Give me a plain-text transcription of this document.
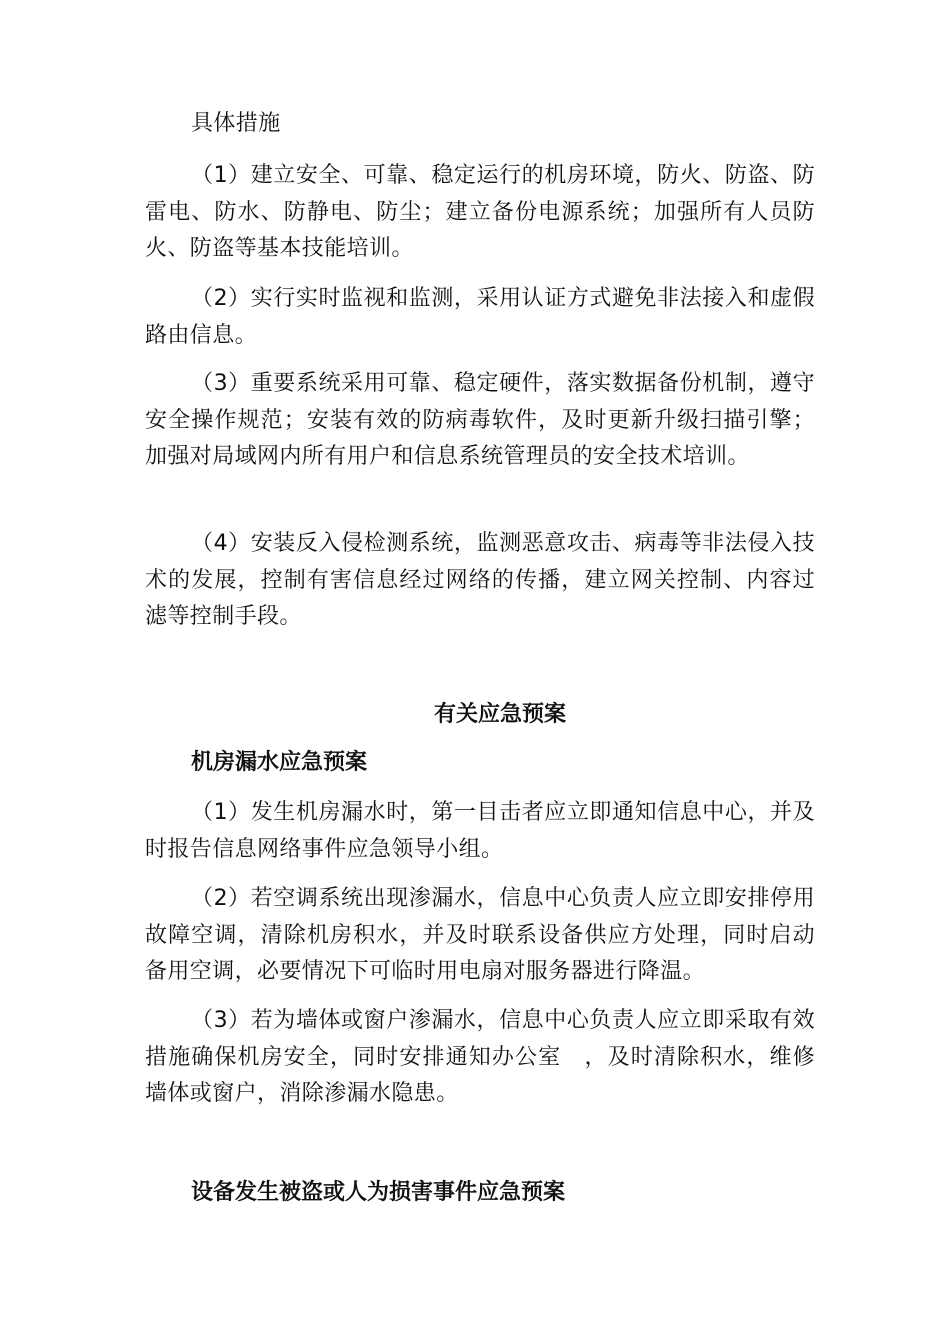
具体措施

（1）建立安全、可靠、稳定运行的机房环境，防火、防盗、防雷电、防水、防静电、防尘；建立备份电源系统；加强所有人员防火、防盗等基本技能培训。

（2）实行实时监视和监测，采用认证方式避免非法接入和虚假路由信息。

（3）重要系统采用可靠、稳定硬件，落实数据备份机制，遵守安全操作规范；安装有效的防病毒软件，及时更新升级扫描引擎；加强对局域网内所有用户和信息系统管理员的安全技术培训。

（4）安装反入侵检测系统，监测恶意攻击、病毒等非法侵入技术的发展，控制有害信息经过网络的传播，建立网关控制、内容过滤等控制手段。

有关应急预案
机房漏水应急预案

（1）发生机房漏水时，第一目击者应立即通知信息中心，并及时报告信息网络事件应急领导小组。

（2）若空调系统出现渗漏水，信息中心负责人应立即安排停用故障空调，清除机房积水，并及时联系设备供应方处理，同时启动备用空调，必要情况下可临时用电扇对服务器进行降温。

（3）若为墙体或窗户渗漏水，信息中心负责人应立即采取有效措施确保机房安全，同时安排通知办公室　，及时清除积水，维修墙体或窗户，消除渗漏水隐患。

设备发生被盗或人为损害事件应急预案
